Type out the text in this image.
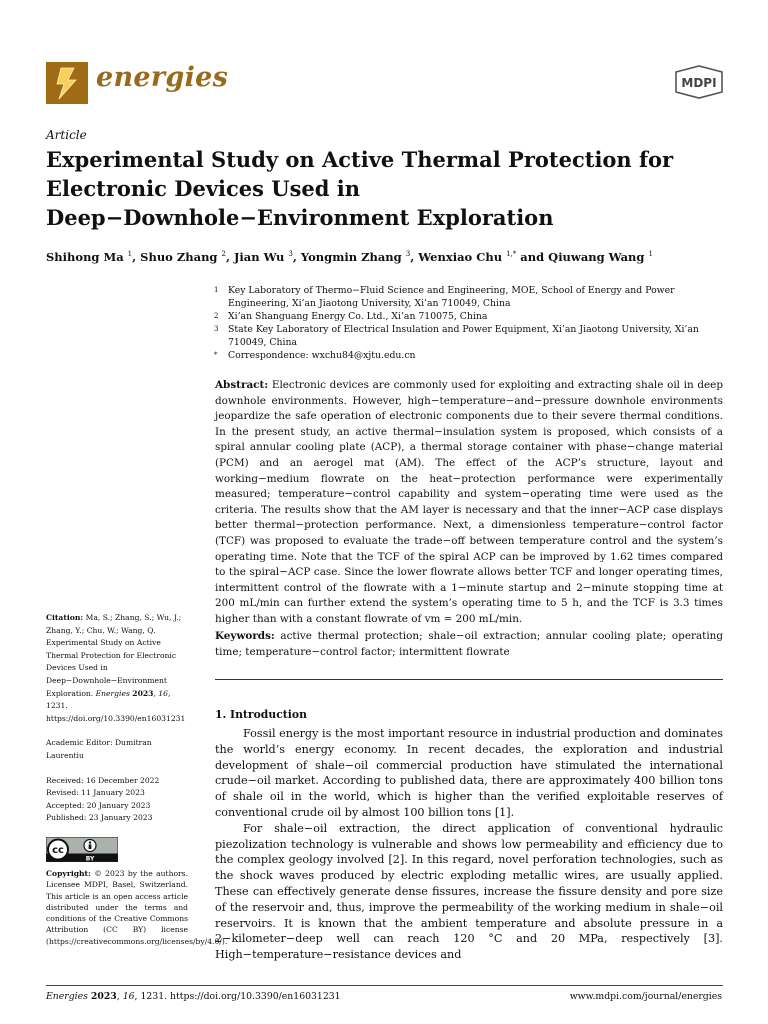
energies	MDPI
Article
Experimental Study on Active Thermal Protection for Electronic Devices Used in Deep−Downhole−Environment Exploration
Shihong Ma $^1$, Shuo Zhang $^2$, Jian Wu $^3$, Yongmin Zhang $^3$, Wenxiao Chu $^{1,*}$ and Qiuwang Wang $^1$
1 Key Laboratory of Thermo−Fluid Science and Engineering, MOE, School of Energy and Power Engineering, Xi’an Jiaotong University, Xi’an 710049, China
2 Xi’an Shanguang Energy Co. Ltd., Xi’an 710075, China
3 State Key Laboratory of Electrical Insulation and Power Equipment, Xi’an Jiaotong University, Xi’an 710049, China
* Correspondence: wxchu84@xjtu.edu.cn
Abstract: Electronic devices are commonly used for exploiting and extracting shale oil in deep downhole environments. However, high−temperature−and−pressure downhole environments jeopardize the safe operation of electronic components due to their severe thermal conditions. In the present study, an active thermal−insulation system is proposed, which consists of a spiral annular cooling plate (ACP), a thermal storage container with phase−change material (PCM) and an aerogel mat (AM). The effect of the ACP’s structure, layout and working−medium flowrate on the heat−protection performance were experimentally measured; temperature−control capability and system−operating time were used as the criteria. The results show that the AM layer is necessary and that the inner−ACP case displays better thermal−protection performance. Next, a dimensionless temperature−control factor (TCF) was proposed to evaluate the trade−off between temperature control and the system’s operating time. Note that the TCF of the spiral ACP can be improved by 1.62 times compared to the spiral−ACP case. Since the lower flowrate allows better TCF and longer operating times, intermittent control of the flowrate with a 1−minute startup and 2−minute stopping time at 200 mL/min can further extend the system’s operating time to 5 h, and the TCF is 3.3 times higher than with a constant flowrate of vm = 200 mL/min.
Keywords: active thermal protection; shale−oil extraction; annular cooling plate; operating time; temperature−control factor; intermittent flowrate
1. Introduction

Fossil energy is the most important resource in industrial production and dominates the world’s energy economy. In recent decades, the exploration and industrial development of shale−oil commercial production have stimulated the international crude−oil market. According to published data, there are approximately 400 billion tons of shale oil in the world, which is higher than the verified exploitable reserves of conventional crude oil by almost 100 billion tons [1].

For shale−oil extraction, the direct application of conventional hydraulic piezolization technology is vulnerable and shows low permeability and efficiency due to the complex geology involved [2]. In this regard, novel perforation technologies, such as the shock waves produced by electric exploding metallic wires, are usually applied. These can effectively generate dense fissures, increase the fissure density and pore size of the reservoir and, thus, improve the permeability of the working medium in shale−oil reservoirs. It is known that the ambient temperature and absolute pressure in a 2−kilometer−deep well can reach 120 °C and 20 MPa, respectively [3]. High−temperature−resistance devices and

Citation: Ma, S.; Zhang, S.; Wu, J.; Zhang, Y.; Chu, W.; Wang, Q. Experimental Study on Active Thermal Protection for Electronic Devices Used in Deep−Downhole−Environment Exploration. Energies 2023, 16, 1231. https://doi.org/10.3390/en16031231
Academic Editor: Dumitran Laurentiu
Received: 16 December 2022
Revised: 11 January 2023
Accepted: 20 January 2023
Published: 23 January 2023
cc
BY
Copyright: © 2023 by the authors. Licensee MDPI, Basel, Switzerland. This article is an open access article distributed under the terms and conditions of the Creative Commons Attribution (CC BY) license (https://creativecommons.org/licenses/by/4.0/).
Energies 2023, 16, 1231. https://doi.org/10.3390/en16031231	www.mdpi.com/journal/energies
